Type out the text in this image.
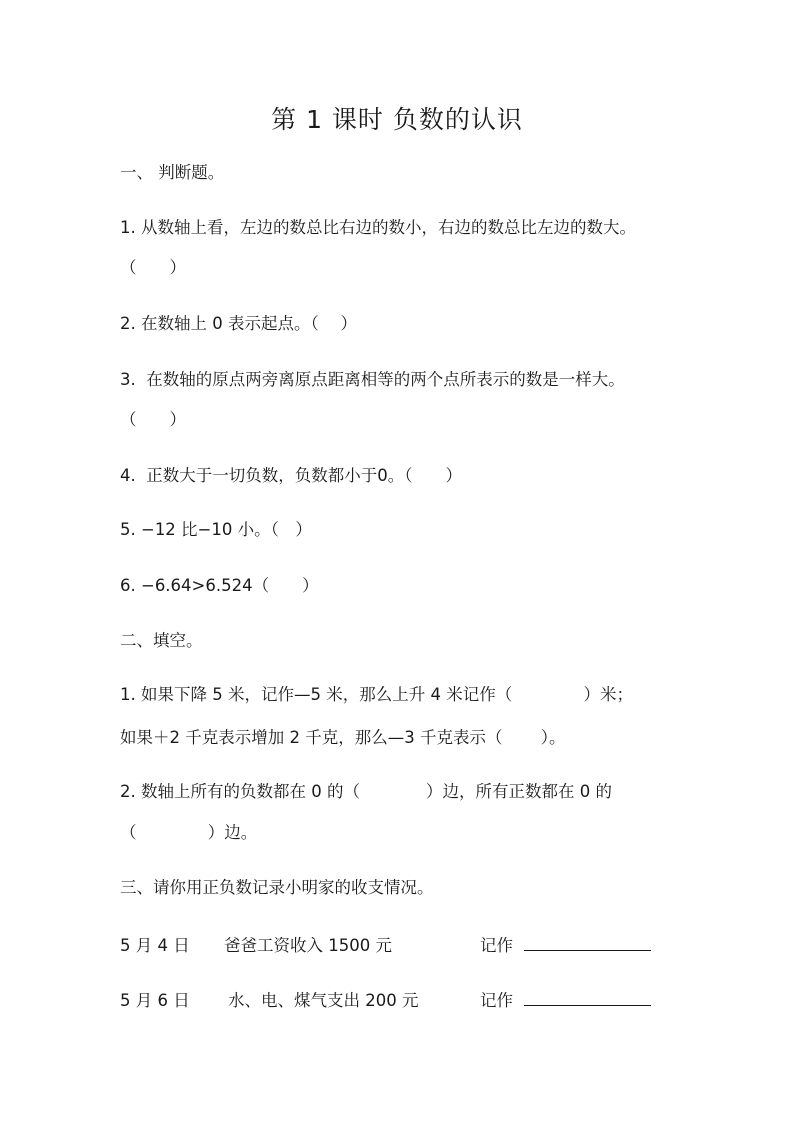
第 1 课时 负数的认识
一、 判断题。
1. 从数轴上看，左边的数总比右边的数小，右边的数总比左边的数大。
（　　）
2. 在数轴上 0 表示起点。（　 ）
3.  在数轴的原点两旁离原点距离相等的两个点所表示的数是一样大。
（　　）
4.  正数大于一切负数，负数都小于0。（　　）
5. −12 比−10 小。（　）
6. −6.64>6.524（　　）
二、填空。
1. 如果下降 5 米，记作—5 米，那么上升 4 米记作（　　　　 ）米；
如果＋2 千克表示增加 2 千克，那么—3 千克表示（　　 ）。
2. 数轴上所有的负数都在 0 的（　　　　）边，所有正数都在 0 的
（　　　　 ）边。
三、请你用正负数记录小明家的收支情况。
5 月 4 日 爸爸工资收入 1500 元	记作
5 月 6 日 水、电、煤气支出 200 元	记作
